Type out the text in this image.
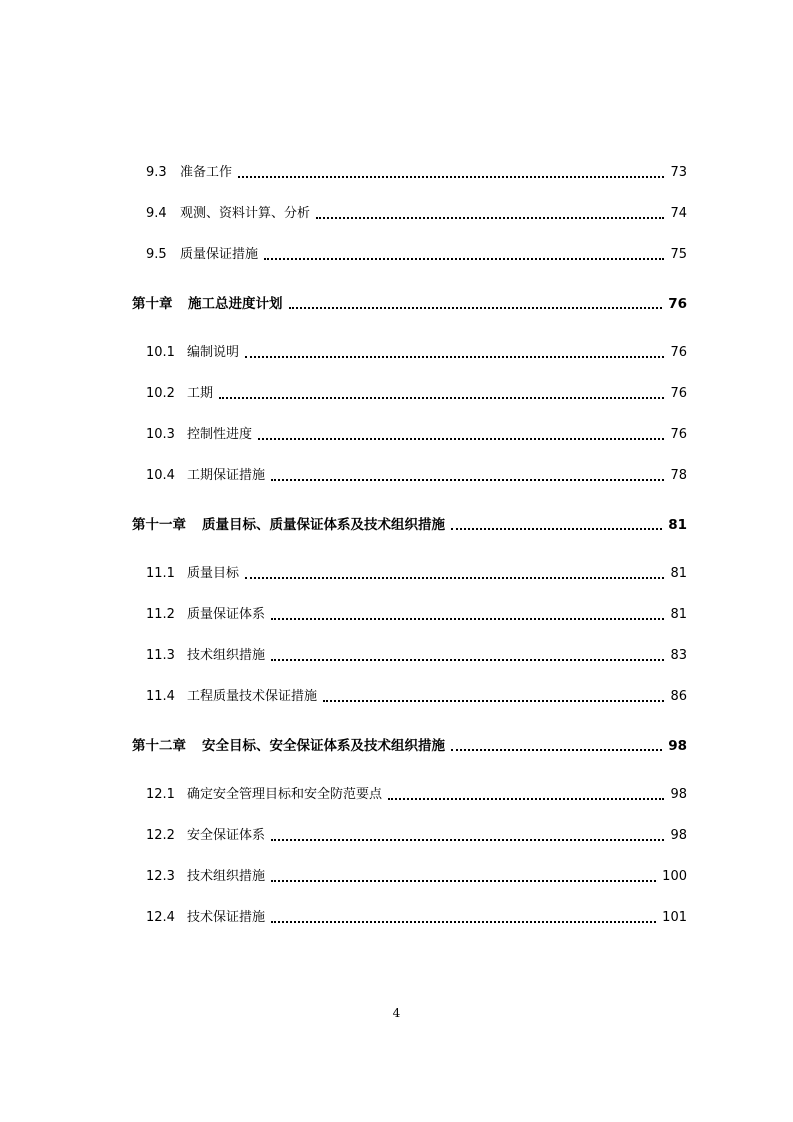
9.3	准备工作	73
9.4	观测、资料计算、分析	74
9.5	质量保证措施	75
第十章	施工总进度计划	76
10.1 编制说明	76
10.2 工期	76
10.3 控制性进度	76
10.4 工期保证措施	78
第十一章	质量目标、质量保证体系及技术组织措施	81
11.1 质量目标	81
11.2 质量保证体系	81
11.3 技术组织措施	83
11.4 工程质量技术保证措施	86
第十二章	安全目标、安全保证体系及技术组织措施	98
12.1 确定安全管理目标和安全防范要点	98
12.2 安全保证体系	98
12.3 技术组织措施	100
12.4 技术保证措施	101
4
